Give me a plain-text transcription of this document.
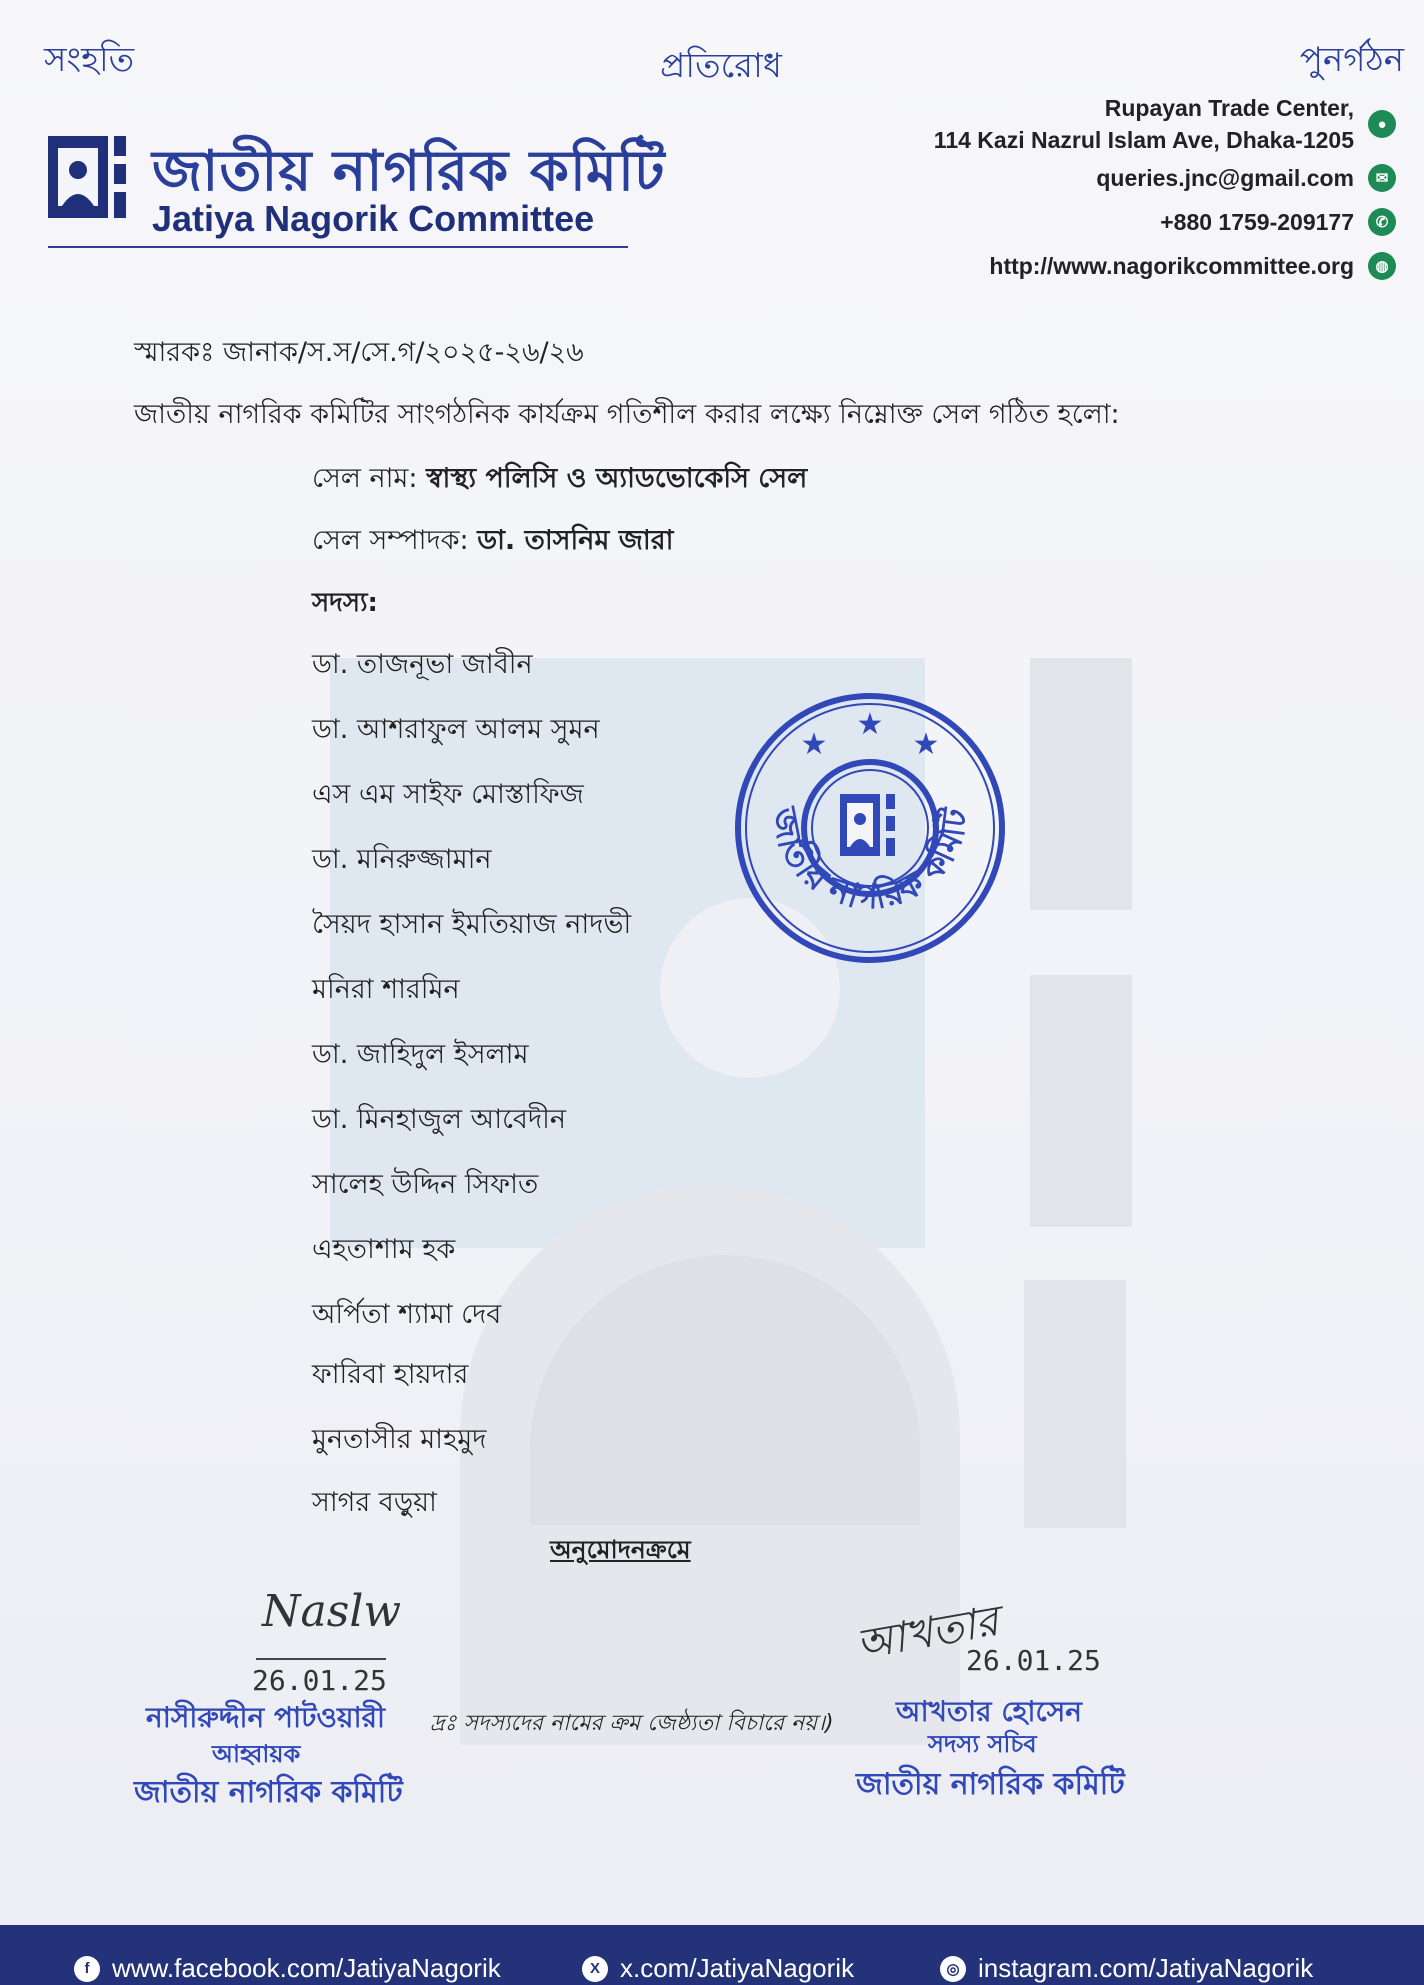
সংহতি	প্রতিরোধ	পুনর্গঠন
জাতীয় নাগরিক কমিটি
Jatiya Nagorik Committee
Rupayan Trade Center,
114 Kazi Nazrul Islam Ave, Dhaka-1205
●
queries.jnc@gmail.com	✉
+880 1759-209177	✆
http://www.nagorikcommittee.org	◍
স্মারকঃ জানাক/স.স/সে.গ/২০২৫-২৬/২৬
জাতীয় নাগরিক কমিটির সাংগঠনিক কার্যক্রম গতিশীল করার লক্ষ্যে নিম্নোক্ত সেল গঠিত হলো:
সেল নাম: স্বাস্থ্য পলিসি ও অ্যাডভোকেসি সেল
সেল সম্পাদক: ডা. তাসনিম জারা
সদস্য:
ডা. তাজনূভা জাবীন
ডা. আশরাফুল আলম সুমন
এস এম সাইফ মোস্তাফিজ
ডা. মনিরুজ্জামান
সৈয়দ হাসান ইমতিয়াজ নাদভী
মনিরা শারমিন
ডা. জাহিদুল ইসলাম
ডা. মিনহাজুল আবেদীন
সালেহ উদ্দিন সিফাত
এহতাশাম হক
অর্পিতা শ্যামা দেব
ফারিবা হায়দার
মুনতাসীর মাহমুদ
সাগর বড়ুয়া
অনুমোদনক্রমে
★
★	★
জাতীয় নাগরিক কমিটি
Naslw
26.01.25
নাসীরুদ্দীন পাটওয়ারী
আহ্বায়ক
জাতীয় নাগরিক কমিটি
দ্রঃ সদস্যদের নামের ক্রম জেষ্ঠ্যতা বিচারে নয়।)
আখতার
26.01.25
আখতার হোসেন
সদস্য সচিব
জাতীয় নাগরিক কমিটি
f www.facebook.com/JatiyaNagorik	X x.com/JatiyaNagorik	◎ instagram.com/JatiyaNagorik
